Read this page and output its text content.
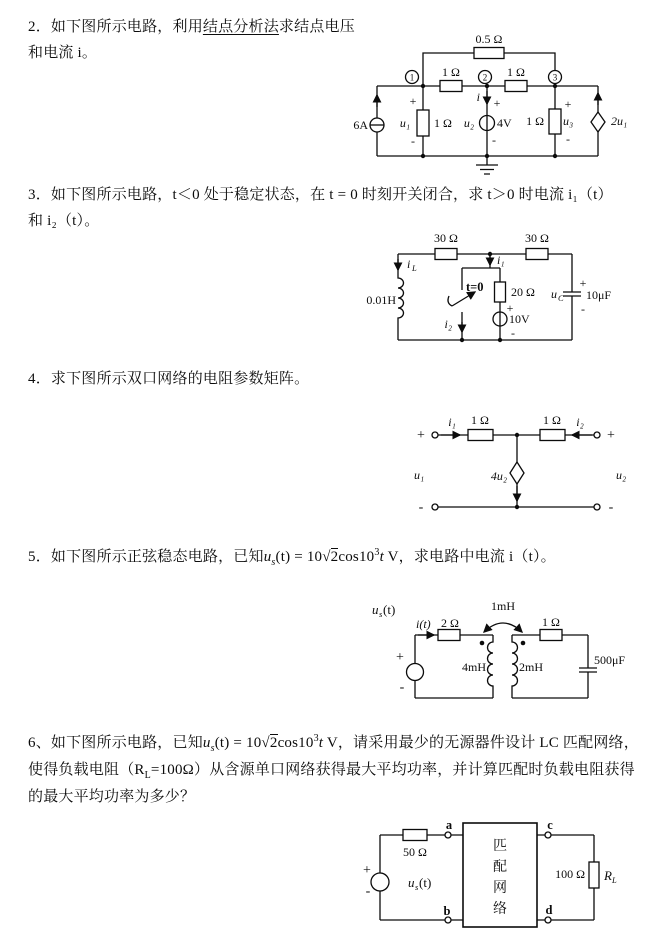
2．如下图所示电路，利用结点分析法求结点电压
和电流 i。
0.5 Ω
1	2	3
1 Ω	1 Ω
6A
+
u₁
-
1 Ω
i +
u₂ 4V
-
1 Ω
+
u₃
-
2u₁
3．如下图所示电路，t＜0 处于稳定状态，在 t = 0 时刻开关闭合，求 t＞0 时电流 i₁（t）
和 i₂（t）。
i L
0.01H
30 Ω	30 Ω
i₁
t=0
i₂
20 Ω
+
10V
-
+
u C 10μF
-
4．求下图所示双口网络的电阻参数矩阵。
+
u₁
-
i₁ 1 Ω	1 Ω i₂
4u₂
+
u₂
-
5．如下图所示正弦稳态电路，已知$u_s(t) = 10√2\cos 10^3t$ V，求电路中电流 i（t）。
u s (t)
+
-
i(t) 2 Ω
1mH
4mH	2mH
1 Ω
500μF
6、如下图所示电路，已知$u_s(t) = 10√2\cos 10^3t$ V，请采用最少的无源器件设计 LC 匹配网络，
使得负载电阻$(R_L=100\Omega)$从含源单口网络获得最大平均功率，并计算匹配时负载电阻获得
的最大平均功率为多少？
+
-
u s (t)
50 Ω
a
b
c
d
匹
配
网
络
100 Ω R L
